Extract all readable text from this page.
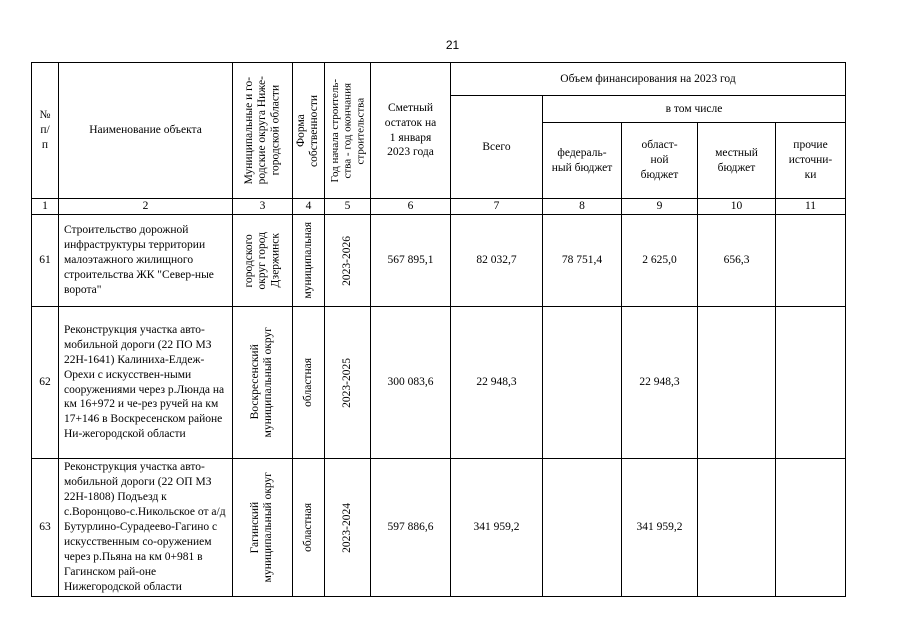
21
№
п/
п	Наименование объекта	Муниципальные и го-
родские округа Ниже-
городской области	Форма
собственности	Год начала строитель-
ства - год окончания
строительства	Сметный
остаток на
1 января
2023 года	Объем финансирования на 2023 год				
						Всего	в том числе			
							федераль-
ный бюджет	област-
ной
бюджет	местный
бюджет	прочие
источни-
ки
1	2	3	4	5	6	7	8	9	10	11
61	Строительство дорожной инфраструктуры территории малоэтажного жилищного строительства ЖК "Север-ные ворота"	городского
округ город
Дзержинск	муниципальная	2023-2026	567 895,1	82 032,7	78 751,4	2 625,0	656,3	
62	Реконструкция участка авто-мобильной дороги (22 ПО МЗ 22Н-1641) Калиниха-Елдеж-Орехи с искусствен-ными сооружениями через р.Люнда на км 16+972 и че-рез ручей на км 17+146 в Воскресенском районе Ни-жегородской области	Воскресенский
муниципальный округ	областная	2023-2025	300 083,6	22 948,3		22 948,3		
63	Реконструкция участка авто-мобильной дороги (22 ОП МЗ 22Н-1808) Подъезд к с.Воронцово-с.Никольское от а/д Бутурлино-Сурадеево-Гагино с искусственным со-оружением через р.Пьяна на км 0+981 в Гагинском рай-оне Нижегородской области	Гагинский
муниципальный округ	областная	2023-2024	597 886,6	341 959,2		341 959,2		
